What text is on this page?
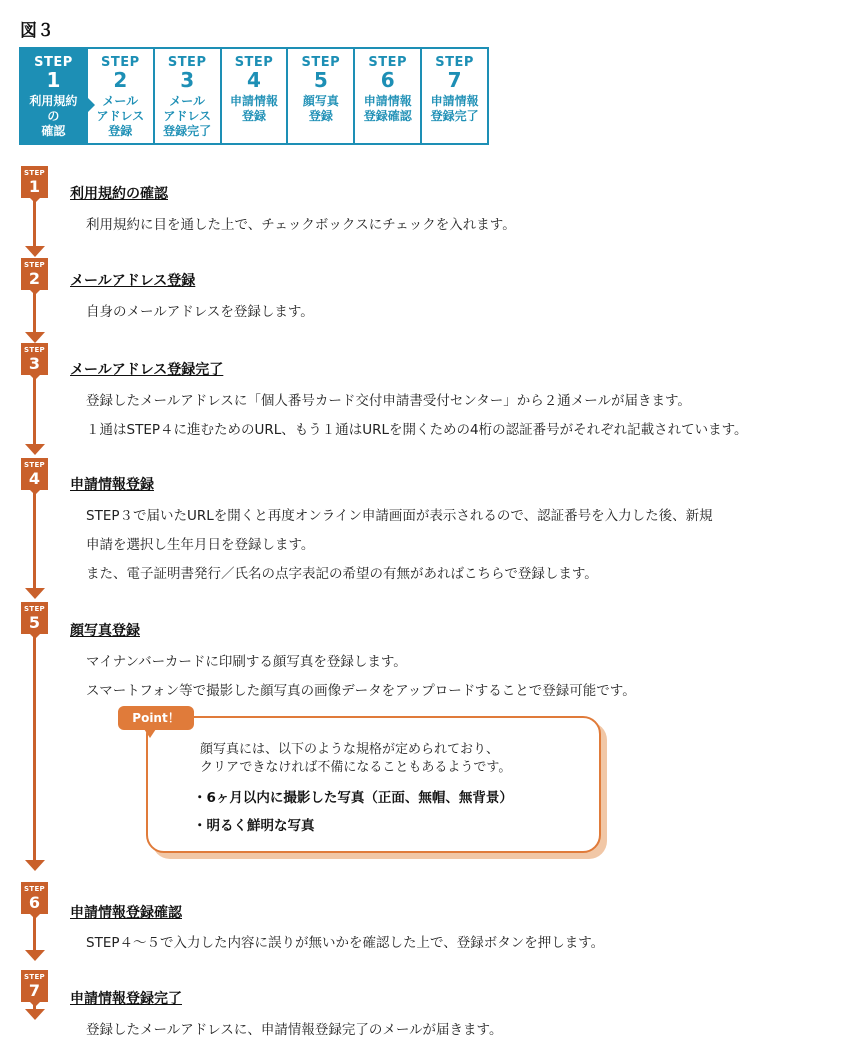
図３
STEP
1
利用規約
の
確認
STEP
2
メール
アドレス
登録
STEP
3
メール
アドレス
登録完了
STEP
4
申請情報
登録
STEP
5
顔写真
登録
STEP
6
申請情報
登録確認
STEP
7
申請情報
登録完了
STEP
1
STEP
2
STEP
3
STEP
4
STEP
5
STEP
6
STEP
7
利用規約の確認
利用規約に目を通した上で、チェックボックスにチェックを入れます。
メールアドレス登録
自身のメールアドレスを登録します。
メールアドレス登録完了
登録したメールアドレスに「個人番号カード交付申請書受付センター」から２通メールが届きます。
１通はSTEP４に進むためのURL、もう１通はURLを開くための4桁の認証番号がそれぞれ記載されています。
申請情報登録
STEP３で届いたURLを開くと再度オンライン申請画面が表示されるので、認証番号を入力した後、新規
申請を選択し生年月日を登録します。
また、電子証明書発行／氏名の点字表記の希望の有無があればこちらで登録します。
顔写真登録
マイナンバーカードに印刷する顔写真を登録します。
スマートフォン等で撮影した顔写真の画像データをアップロードすることで登録可能です。
Point！
顔写真には、以下のような規格が定められており、
クリアできなければ不備になることもあるようです。
・6ヶ月以内に撮影した写真（正面、無帽、無背景）
・明るく鮮明な写真
申請情報登録確認
STEP４～５で入力した内容に誤りが無いかを確認した上で、登録ボタンを押します。
申請情報登録完了
登録したメールアドレスに、申請情報登録完了のメールが届きます。
